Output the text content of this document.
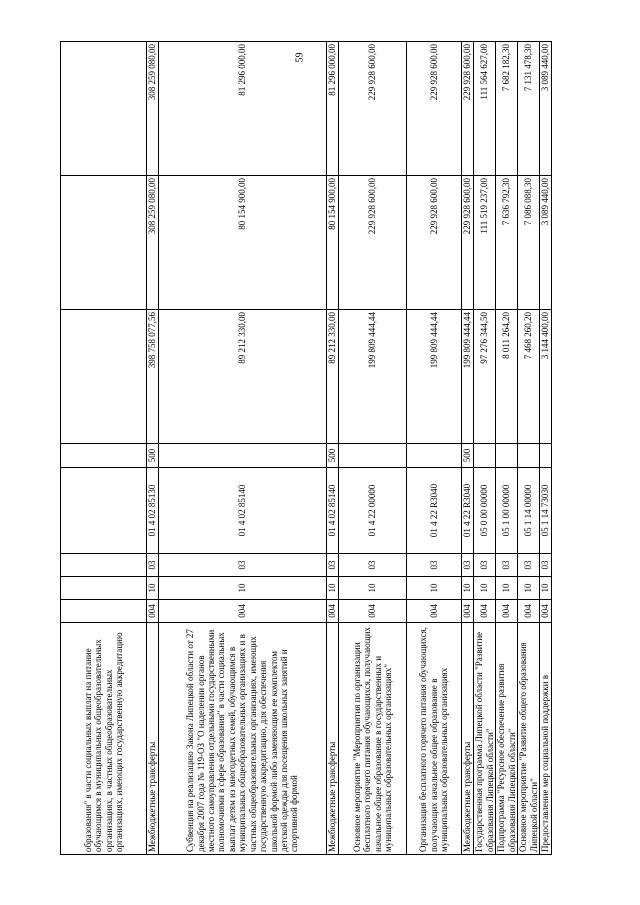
59
образования" в части социальных выплат на питание обучающимся в муниципальных общеобразовательных организациях, в частных общеобразовательных организациях, имеющих государственную аккредитацию								
Межбюджетные трансферты	004	10	03	01 4 02 85130	500	398 758 077,56	308 259 080,00	308 259 080,00
Субвенция на реализацию Закона Липецкой области от 27 декабря 2007 года № 119-ОЗ "О наделении органов местного самоуправления отдельными государственными полномочиями в сфере образования" в части социальных выплат детям из многодетных семей, обучающимся в муниципальных общеобразовательных организациях и в частных общеобразовательных организациях, имеющих государственную аккредитацию, для обеспечения школьной формой либо заменяющим ее комплектом детской одежды для посещения школьных занятий и спортивной формой	004	10	03	01 4 02 85140		89 212 330,00	80 154 900,00	81 296 000,00
Межбюджетные трансферты	004	10	03	01 4 02 85140	500	89 212 330,00	80 154 900,00	81 296 000,00
Основное мероприятие "Мероприятия по организации бесплатного горячего питания обучающихся, получающих начальное общее образование в государственных и муниципальных образовательных организациях"	004	10	03	01 4 22 00000		199 809 444,44	229 928 600,00	229 928 600,00
Организация бесплатного горячего питания обучающихся, получающих начальное общее образование в муниципальных образовательных организациях	004	10	03	01 4 22 R3040		199 809 444,44	229 928 600,00	229 928 600,00
Межбюджетные трансферты	004	10	03	01 4 22 R3040	500	199 809 444,44	229 928 600,00	229 928 600,00
Государственная программа Липецкой области "Развитие образования Липецкой области"	004	10	03	05 0 00 00000		97 276 344,50	111 519 237,00	111 564 627,00
Подпрограмма "Ресурсное обеспечение развития образования Липецкой области"	004	10	03	05 1 00 00000		8 011 264,20	7 636 792,30	7 682 182,30
Основное мероприятие "Развитие общего образования Липецкой области"	004	10	03	05 1 14 00000		7 468 260,20	7 086 088,30	7 131 478,30
Предоставление мер социальной поддержки в	004	10	03	05 1 14 73030		3 144 400,00	3 089 440,00	3 089 440,00
